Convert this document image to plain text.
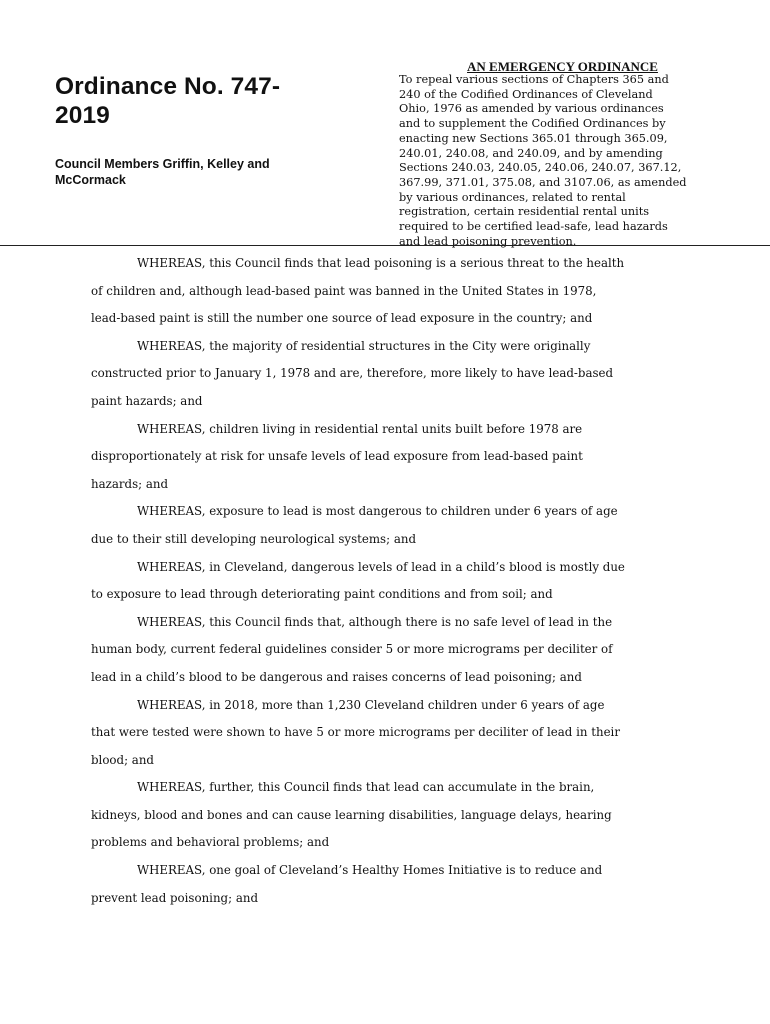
Ordinance No. 747-
2019

Council Members Griffin, Kelley and
McCormack

AN EMERGENCY ORDINANCE

To repeal various sections of Chapters 365 and
240 of the Codified Ordinances of Cleveland
Ohio, 1976 as amended by various ordinances
and to supplement the Codified Ordinances by
enacting new Sections 365.01 through 365.09,
240.01, 240.08, and 240.09, and by amending
Sections 240.03, 240.05, 240.06, 240.07, 367.12,
367.99, 371.01, 375.08, and 3107.06, as amended
by various ordinances, related to rental
registration, certain residential rental units
required to be certified lead-safe, lead hazards
and lead poisoning prevention.

WHEREAS, this Council finds that lead poisoning is a serious threat to the health
of children and, although lead-based paint was banned in the United States in 1978,
lead-based paint is still the number one source of lead exposure in the country; and
WHEREAS, the majority of residential structures in the City were originally
constructed prior to January 1, 1978 and are, therefore, more likely to have lead-based
paint hazards; and
WHEREAS, children living in residential rental units built before 1978 are
disproportionately at risk for unsafe levels of lead exposure from lead-based paint
hazards; and
WHEREAS, exposure to lead is most dangerous to children under 6 years of age
due to their still developing neurological systems; and
WHEREAS, in Cleveland, dangerous levels of lead in a child’s blood is mostly due
to exposure to lead through deteriorating paint conditions and from soil; and
WHEREAS, this Council finds that, although there is no safe level of lead in the
human body, current federal guidelines consider 5 or more micrograms per deciliter of
lead in a child’s blood to be dangerous and raises concerns of lead poisoning; and
WHEREAS, in 2018, more than 1,230 Cleveland children under 6 years of age
that were tested were shown to have 5 or more micrograms per deciliter of lead in their
blood; and
WHEREAS, further, this Council finds that lead can accumulate in the brain,
kidneys, blood and bones and can cause learning disabilities, language delays, hearing
problems and behavioral problems; and
WHEREAS, one goal of Cleveland’s Healthy Homes Initiative is to reduce and
prevent lead poisoning; and
